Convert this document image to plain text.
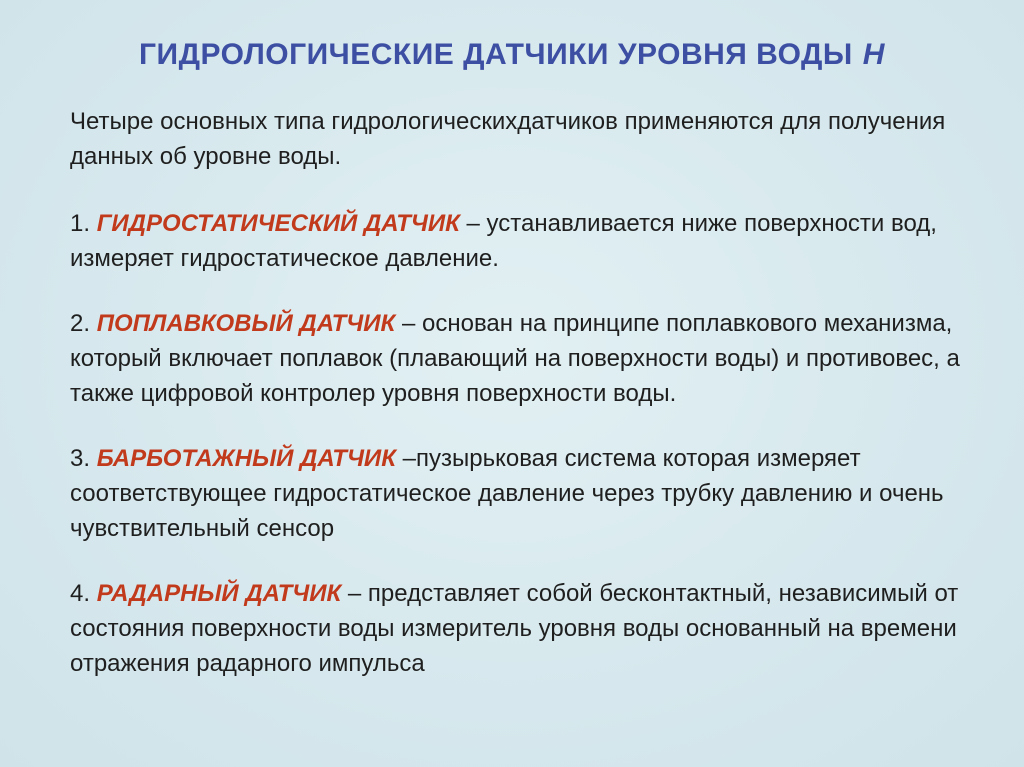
ГИДРОЛОГИЧЕСКИЕ ДАТЧИКИ УРОВНЯ ВОДЫ Н

Четыре основных типа гидрологическихдатчиков применяются для получения данных об уровне воды.

1. ГИДРОСТАТИЧЕСКИЙ ДАТЧИК – устанавливается ниже поверхности вод, измеряет гидростатическое давление.

2. ПОПЛАВКОВЫЙ ДАТЧИК – основан на принципе поплавкового механизма, который включает поплавок (плавающий на поверхности воды) и противовес, а также цифровой контролер уровня поверхности воды.

3. БАРБОТАЖНЫЙ ДАТЧИК –пузырьковая система которая измеряет соответствующее гидростатическое давление через трубку давлению и очень чувствительный сенсор

4. РАДАРНЫЙ ДАТЧИК – представляет собой бесконтактный, независимый от состояния поверхности воды измеритель уровня воды основанный на времени отражения радарного импульса
